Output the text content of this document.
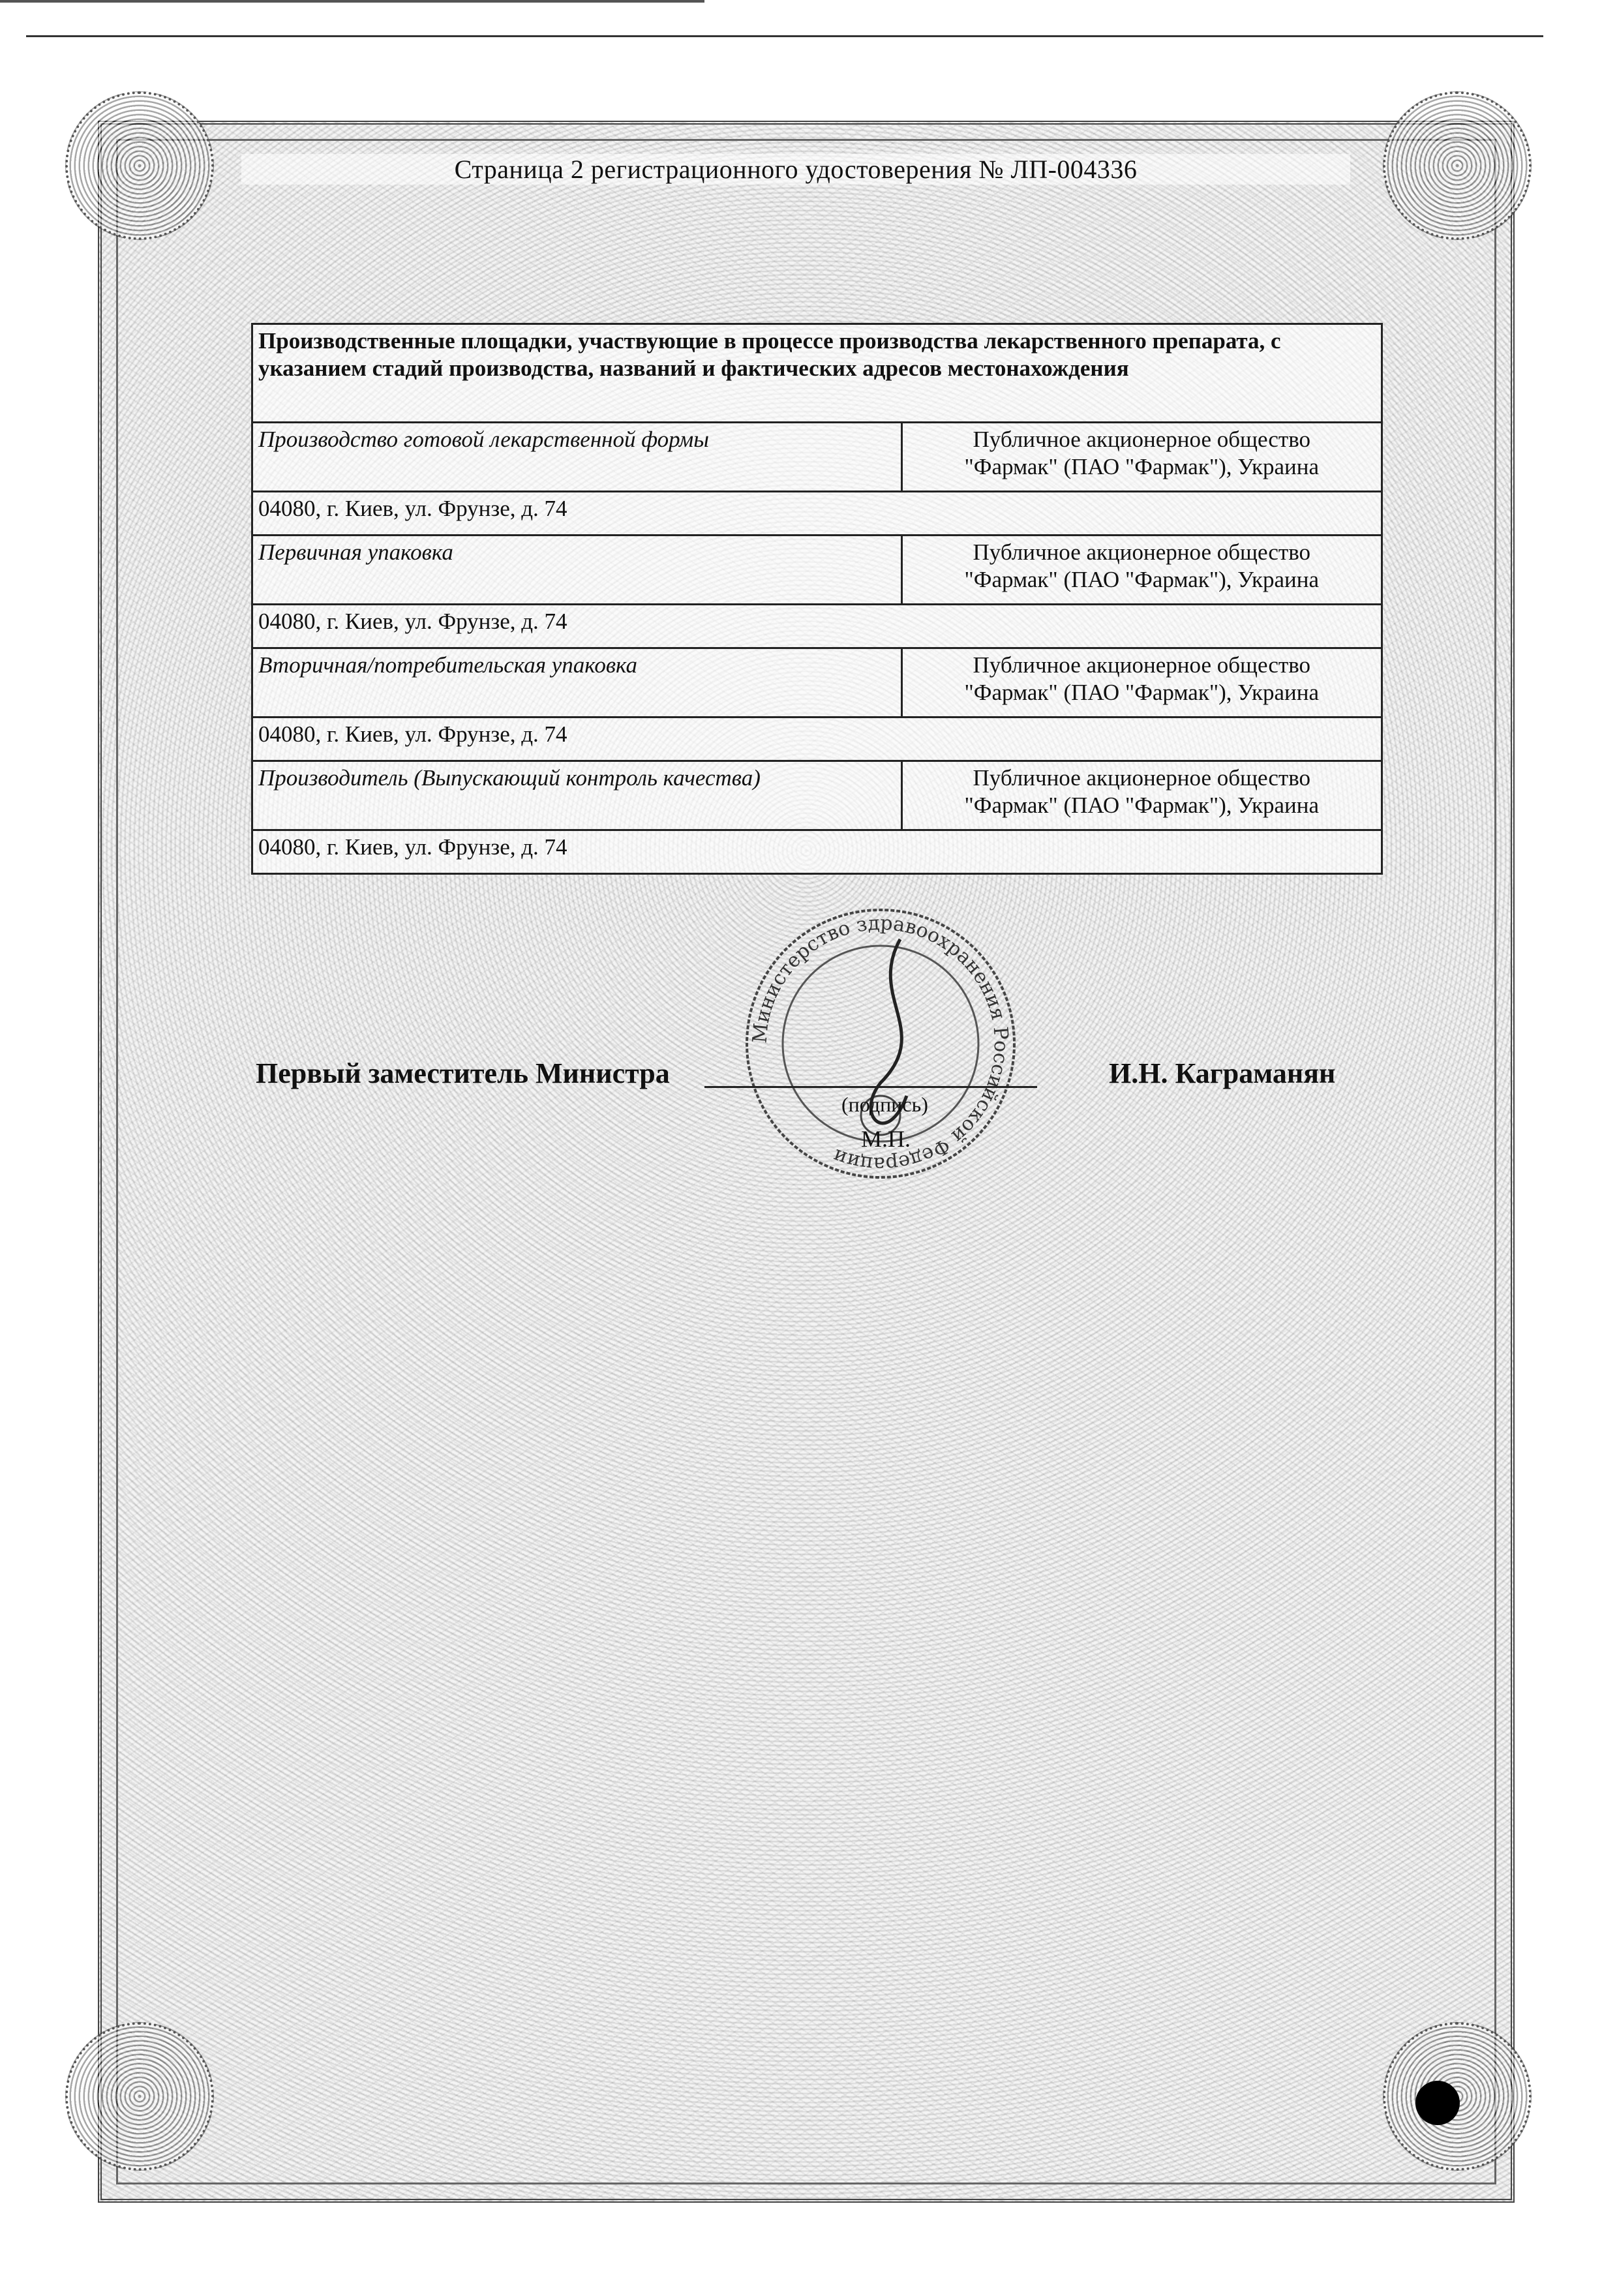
Страница 2 регистрационного удостоверения № ЛП-004336
Производственные площадки, участвующие в процессе производства лекарственного препарата, с указанием стадий производства, названий и фактических адресов местонахождения	
Производство готовой лекарственной формы	Публичное акционерное общество
"Фармак" (ПАО "Фармак"), Украина

04080, г. Киев, ул. Фрунзе, д. 74	
Первичная упаковка	Публичное акционерное общество
"Фармак" (ПАО "Фармак"), Украина

04080, г. Киев, ул. Фрунзе, д. 74	
Вторичная/потребительская упаковка	Публичное акционерное общество
"Фармак" (ПАО "Фармак"), Украина

04080, г. Киев, ул. Фрунзе, д. 74	
Производитель (Выпускающий контроль качества)	Публичное акционерное общество
"Фармак" (ПАО "Фармак"), Украина

04080, г. Киев, ул. Фрунзе, д. 74	
Министерство здравоохранения Российской Федерации
Первый заместитель Министра
(подпись)
М.П.
И.Н. Каграманян
